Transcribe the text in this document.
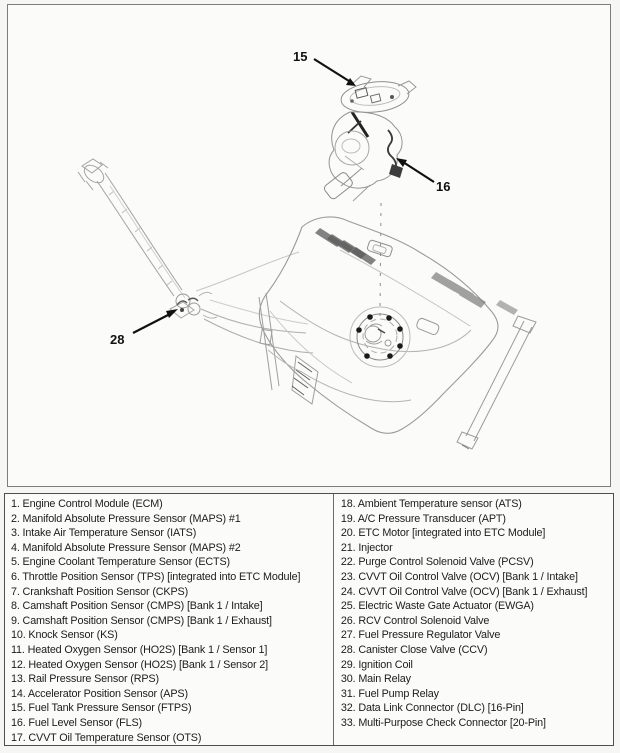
15
16
28
1. Engine Control Module (ECM)
2. Manifold Absolute Pressure Sensor (MAPS) #1
3. Intake Air Temperature Sensor (IATS)
4. Manifold Absolute Pressure Sensor (MAPS) #2
5. Engine Coolant Temperature Sensor (ECTS)
6. Throttle Position Sensor (TPS) [integrated into ETC Module]
7. Crankshaft Position Sensor (CKPS)
8. Camshaft Position Sensor (CMPS) [Bank 1 / Intake]
9. Camshaft Position Sensor (CMPS) [Bank 1 / Exhaust]
10. Knock Sensor (KS)
11. Heated Oxygen Sensor (HO2S) [Bank 1 / Sensor 1]
12. Heated Oxygen Sensor (HO2S) [Bank 1 / Sensor 2]
13. Rail Pressure Sensor (RPS)
14. Accelerator Position Sensor (APS)
15. Fuel Tank Pressure Sensor (FTPS)
16. Fuel Level Sensor (FLS)
17. CVVT Oil Temperature Sensor (OTS)
18. Ambient Temperature sensor (ATS)
19. A/C Pressure Transducer (APT)
20. ETC Motor [integrated into ETC Module]
21. Injector
22. Purge Control Solenoid Valve (PCSV)
23. CVVT Oil Control Valve (OCV) [Bank 1 / Intake]
24. CVVT Oil Control Valve (OCV) [Bank 1 / Exhaust]
25. Electric Waste Gate Actuator (EWGA)
26. RCV Control Solenoid Valve
27. Fuel Pressure Regulator Valve
28. Canister Close Valve (CCV)
29. Ignition Coil
30. Main Relay
31. Fuel Pump Relay
32. Data Link Connector (DLC) [16-Pin]
33. Multi-Purpose Check Connector [20-Pin]
